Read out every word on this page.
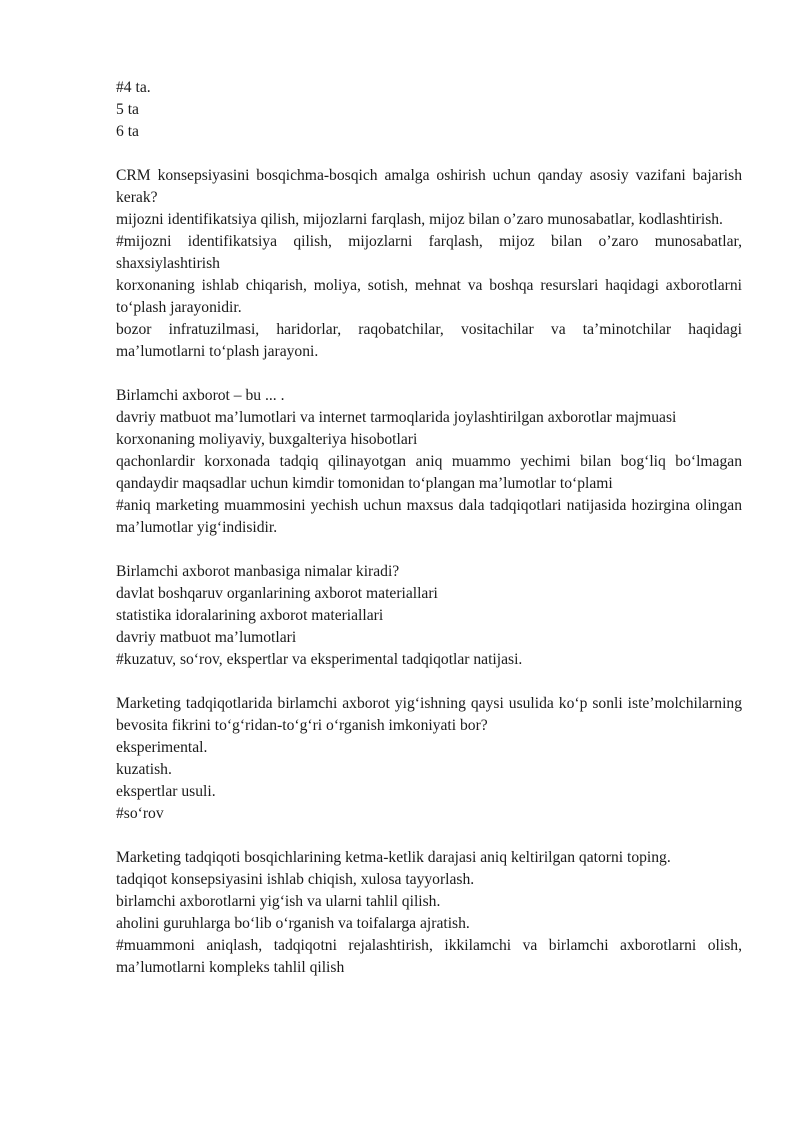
#4 ta.

5 ta

6 ta

CRM konsepsiyasini bosqichma-bosqich amalga oshirish uchun qanday asosiy vazifani bajarish kerak?

mijozni identifikatsiya qilish, mijozlarni farqlash, mijoz bilan o’zaro munosabatlar, kodlashtirish.

#mijozni identifikatsiya qilish, mijozlarni farqlash, mijoz bilan o’zaro munosabatlar, shaxsiylashtirish

korxonaning ishlab chiqarish, moliya, sotish, mehnat va boshqa resurslari haqidagi axborotlarni to‘plash jarayonidir.

bozor infratuzilmasi, haridorlar, raqobatchilar, vositachilar va ta’minotchilar haqidagi ma’lumotlarni to‘plash jarayoni.

Birlamchi axborot – bu ... .

davriy matbuot ma’lumotlari va internet tarmoqlarida joylashtirilgan axborotlar majmuasi

korxonaning moliyaviy, buxgalteriya hisobotlari

qachonlardir korxonada tadqiq qilinayotgan aniq muammo yechimi bilan bog‘liq bo‘lmagan qandaydir maqsadlar uchun kimdir tomonidan to‘plangan ma’lumotlar to‘plami

#aniq marketing muammosini yechish uchun maxsus dala tadqiqotlari natijasida hozirgina olingan ma’lumotlar yig‘indisidir.

Birlamchi axborot manbasiga nimalar kiradi?

davlat boshqaruv organlarining axborot materiallari

statistika idoralarining axborot materiallari

davriy matbuot ma’lumotlari

#kuzatuv, so‘rov, ekspertlar va eksperimental tadqiqotlar natijasi.

Marketing tadqiqotlarida birlamchi axborot yig‘ishning qaysi usulida ko‘p sonli iste’molchilarning bevosita fikrini to‘g‘ridan-to‘g‘ri o‘rganish imkoniyati bor?

eksperimental.

kuzatish.

ekspertlar usuli.

#so‘rov

Marketing tadqiqoti bosqichlarining ketma-ketlik darajasi aniq keltirilgan qatorni toping.

tadqiqot konsepsiyasini ishlab chiqish, xulosa tayyorlash.

birlamchi axborotlarni yig‘ish va ularni tahlil qilish.

aholini guruhlarga bo‘lib o‘rganish va toifalarga ajratish.

#muammoni aniqlash, tadqiqotni rejalashtirish, ikkilamchi va birlamchi axborotlarni olish, ma’lumotlarni kompleks tahlil qilish
